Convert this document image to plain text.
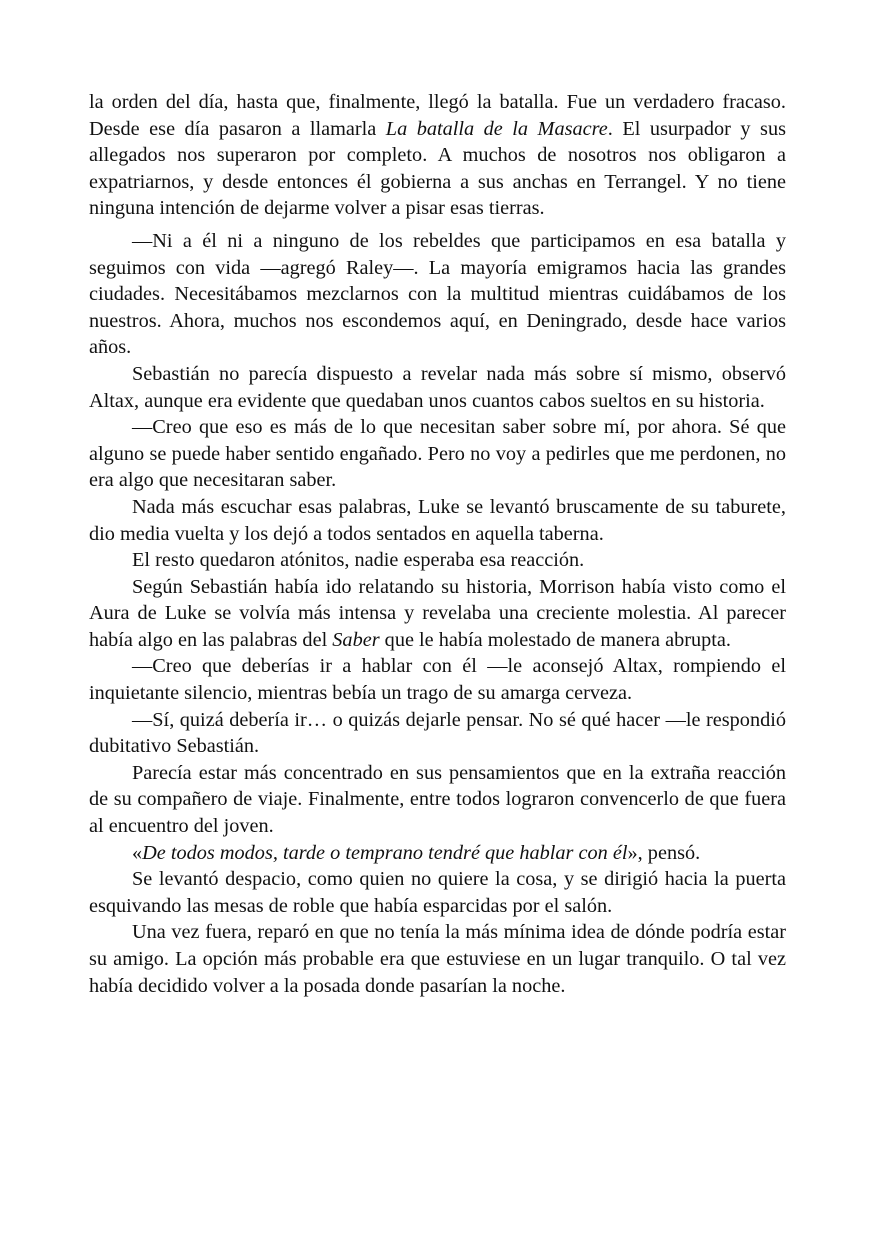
la orden del día, hasta que, finalmente, llegó la batalla. Fue un verdadero fracaso. Desde ese día pasaron a llamarla La batalla de la Masacre. El usurpador y sus allegados nos superaron por completo. A muchos de nosotros nos obligaron a expatriarnos, y desde entonces él gobierna a sus anchas en Terrangel. Y no tiene ninguna intención de dejarme volver a pisar esas tierras.

—Ni a él ni a ninguno de los rebeldes que participamos en esa batalla y seguimos con vida —agregó Raley—. La mayoría emigramos hacia las grandes ciudades. Necesitábamos mezclarnos con la multitud mientras cuidábamos de los nuestros. Ahora, muchos nos escondemos aquí, en Deningrado, desde hace varios años.

Sebastián no parecía dispuesto a revelar nada más sobre sí mismo, observó Altax, aunque era evidente que quedaban unos cuantos cabos sueltos en su historia.

—Creo que eso es más de lo que necesitan saber sobre mí, por ahora. Sé que alguno se puede haber sentido engañado. Pero no voy a pedirles que me perdonen, no era algo que necesitaran saber.

Nada más escuchar esas palabras, Luke se levantó bruscamente de su taburete, dio media vuelta y los dejó a todos sentados en aquella taberna.

El resto quedaron atónitos, nadie esperaba esa reacción.

Según Sebastián había ido relatando su historia, Morrison había visto como el Aura de Luke se volvía más intensa y revelaba una creciente molestia. Al parecer había algo en las palabras del Saber que le había molestado de manera abrupta.

—Creo que deberías ir a hablar con él —le aconsejó Altax, rompiendo el inquietante silencio, mientras bebía un trago de su amarga cerveza.

—Sí, quizá debería ir… o quizás dejarle pensar. No sé qué hacer —le respondió dubitativo Sebastián.

Parecía estar más concentrado en sus pensamientos que en la extraña reacción de su compañero de viaje. Finalmente, entre todos lograron convencerlo de que fuera al encuentro del joven.

«De todos modos, tarde o temprano tendré que hablar con él», pensó.

Se levantó despacio, como quien no quiere la cosa, y se dirigió hacia la puerta esquivando las mesas de roble que había esparcidas por el salón.

Una vez fuera, reparó en que no tenía la más mínima idea de dónde podría estar su amigo. La opción más probable era que estuviese en un lugar tranquilo. O tal vez había decidido volver a la posada donde pasarían la noche.
